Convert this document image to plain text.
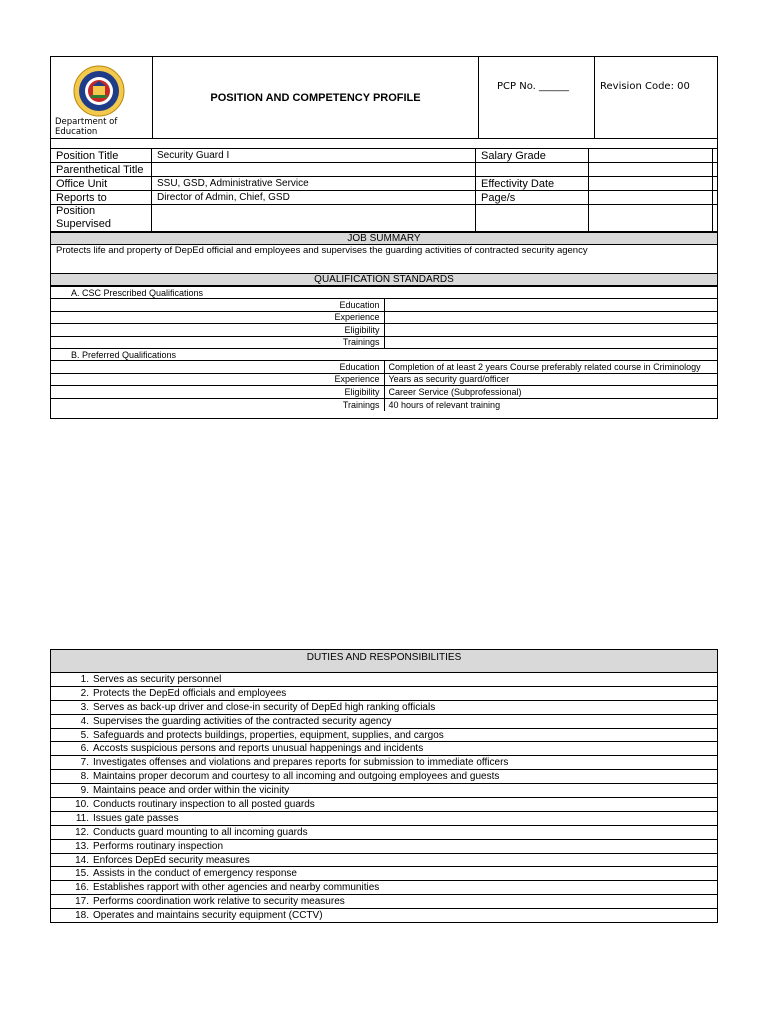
Department of Education
POSITION AND COMPETENCY PROFILE
PCP No. ______	Revision Code: 00
Position Title	Security Guard I	Salary Grade		
Parenthetical Title				
Office Unit	SSU, GSD, Administrative Service	Effectivity Date		
Reports to	Director of Admin, Chief, GSD	Page/s		
Position Supervised				
JOB SUMMARY
Protects life and property of DepEd official and employees and supervises the guarding activities of contracted security agency
QUALIFICATION STANDARDS
A. CSC Prescribed Qualifications	
Education	
Experience	
Eligibility	
Trainings	
B. Preferred Qualifications	
Education	Completion of at least 2 years Course preferably related course in Criminology
Experience	Years as security guard/officer
Eligibility	Career Service (Subprofessional)
Trainings	40 hours of relevant training
DUTIES AND RESPONSIBILITIES
1. Serves as security personnel
2. Protects the DepEd officials and employees
3. Serves as back-up driver and close-in security of DepEd high ranking officials
4. Supervises the guarding activities of the contracted security agency
5. Safeguards and protects buildings, properties, equipment, supplies, and cargos
6. Accosts suspicious persons and reports unusual happenings and incidents
7. Investigates offenses and violations and prepares reports for submission to immediate officers
8. Maintains proper decorum and courtesy to all incoming and outgoing employees and guests
9. Maintains peace and order within the vicinity
10. Conducts routinary inspection to all posted guards
11. Issues gate passes
12. Conducts guard mounting to all incoming guards
13. Performs routinary inspection
14. Enforces DepEd security measures
15. Assists in the conduct of emergency response
16. Establishes rapport with other agencies and nearby communities
17. Performs coordination work relative to security measures
18. Operates and maintains security equipment (CCTV)
